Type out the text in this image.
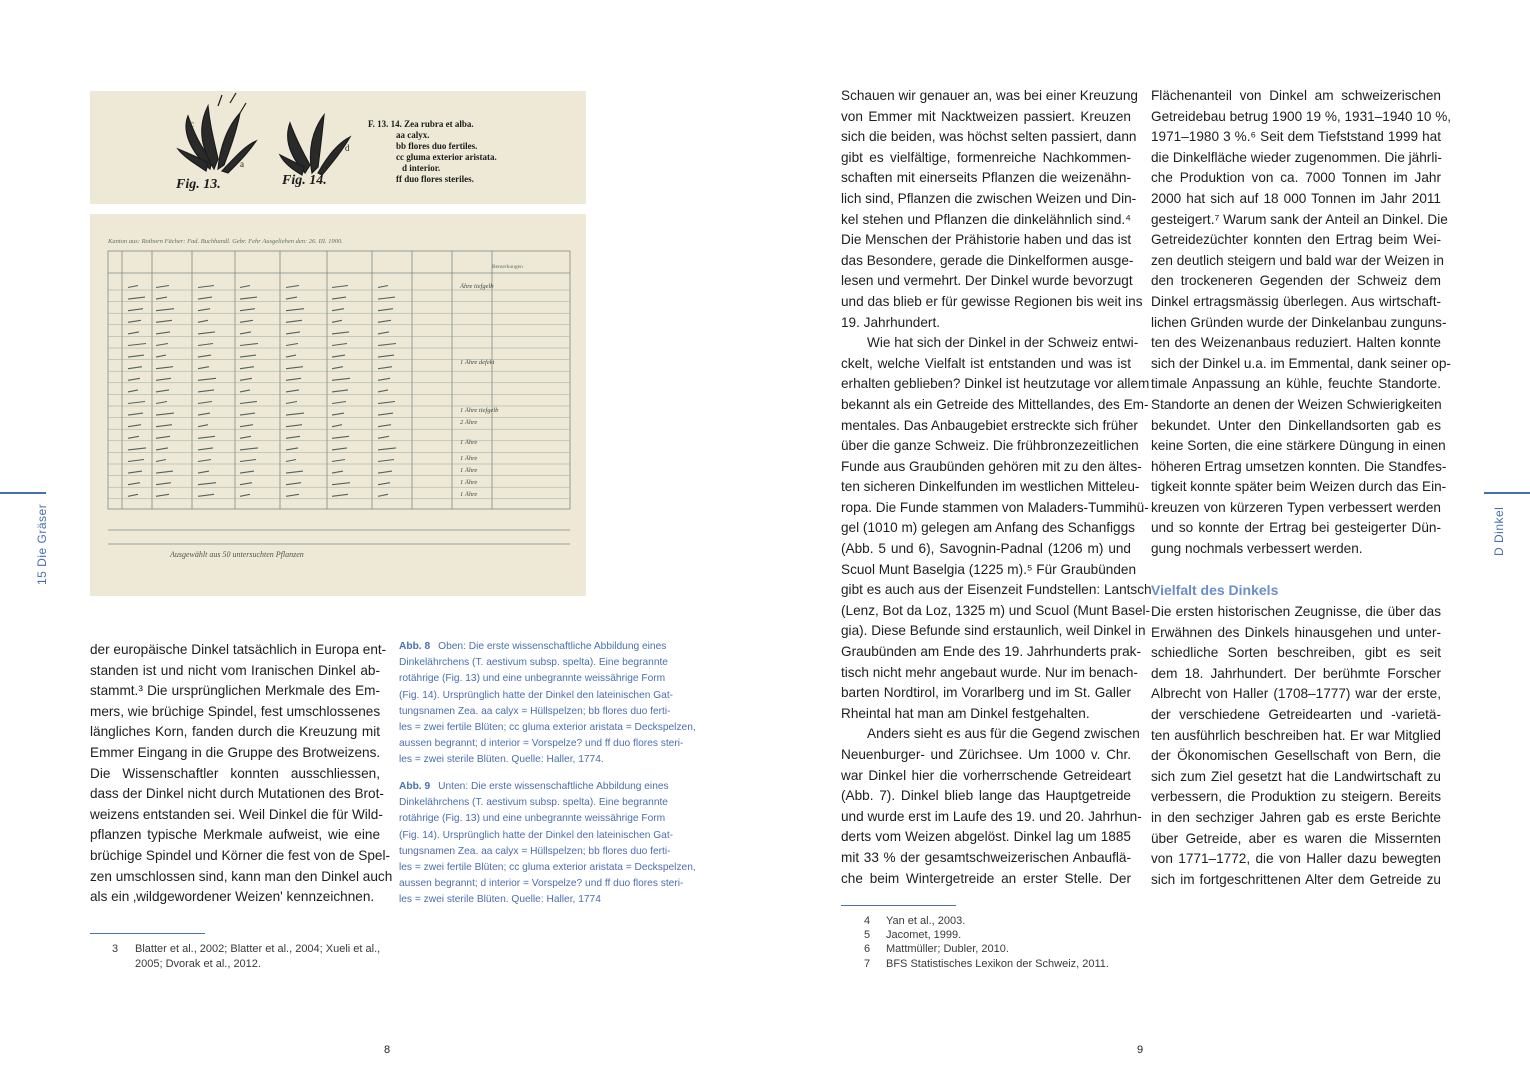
15 Die Gräser	D Dinkel
a
c
d
Fig. 13.	Fig. 14.
F. 13. 14. Zea rubra et alba.
aa calyx.
bb flores duo fertiles.
cc gluma exterior aristata.
d interior.
ff duo flores steriles.
Kanton aus: Rothorn Fächer: Fad. Buchhandl. Gebr. Fehr Ausgeliehen den: 26. III. 1900.
Bemerkungen
Ähre tiefgelb
1 Ähre defekt
1 Ähre tiefgelb
2 Ähre
1 Ähre
1 Ähre
1 Ähre
1 Ähre
1 Ähre
Ausgewählt aus 50 untersuchten Pflanzen
der europäische Dinkel tatsächlich in Europa ent-
standen ist und nicht vom Iranischen Dinkel ab-
stammt.³ Die ursprünglichen Merkmale des Em-
mers, wie brüchige Spindel, fest umschlossenes
längliches Korn, fanden durch die Kreuzung mit
Emmer Eingang in die Gruppe des Brotweizens.
Die Wissenschaftler konnten ausschliessen,
dass der Dinkel nicht durch Mutationen des Brot-
weizens entstanden sei. Weil Dinkel die für Wild-
pflanzen typische Merkmale aufweist, wie eine
brüchige Spindel und Körner die fest von de Spel-
zen umschlossen sind, kann man den Dinkel auch
als ein ‚wildgewordener Weizen' kennzeichnen.
3 Blatter et al., 2002; Blatter et al., 2004; Xueli et al.,
2005; Dvorak et al., 2012.
Abb. 8 Oben: Die erste wissenschaftliche Abbildung eines
Dinkelährchens (T. aestivum subsp. spelta). Eine begrannte
rotährige (Fig. 13) und eine unbegrannte weissährige Form
(Fig. 14). Ursprünglich hatte der Dinkel den lateinischen Gat-
tungsnamen Zea. aa calyx = Hüllspelzen; bb flores duo ferti-
les = zwei fertile Blüten; cc gluma exterior aristata = Deckspelzen,
aussen begrannt; d interior = Vorspelze? und ff duo flores steri-
les = zwei sterile Blüten. Quelle: Haller, 1774.
Abb. 9 Unten: Die erste wissenschaftliche Abbildung eines
Dinkelährchens (T. aestivum subsp. spelta). Eine begrannte
rotährige (Fig. 13) und eine unbegrannte weissährige Form
(Fig. 14). Ursprünglich hatte der Dinkel den lateinischen Gat-
tungsnamen Zea. aa calyx = Hüllspelzen; bb flores duo ferti-
les = zwei fertile Blüten; cc gluma exterior aristata = Deckspelzen,
aussen begrannt; d interior = Vorspelze? und ff duo flores steri-
les = zwei sterile Blüten. Quelle: Haller, 1774
Schauen wir genauer an, was bei einer Kreuzung
von Emmer mit Nacktweizen passiert. Kreuzen
sich die beiden, was höchst selten passiert, dann
gibt es vielfältige, formenreiche Nachkommen-
schaften mit einerseits Pflanzen die weizenähn-
lich sind, Pflanzen die zwischen Weizen und Din-
kel stehen und Pflanzen die dinkelähnlich sind.⁴
Die Menschen der Prähistorie haben und das ist
das Besondere, gerade die Dinkelformen ausge-
lesen und vermehrt. Der Dinkel wurde bevorzugt
und das blieb er für gewisse Regionen bis weit ins
19. Jahrhundert.
Wie hat sich der Dinkel in der Schweiz entwi-
ckelt, welche Vielfalt ist entstanden und was ist
erhalten geblieben? Dinkel ist heutzutage vor allem
bekannt als ein Getreide des Mittellandes, des Em-
mentales. Das Anbaugebiet erstreckte sich früher
über die ganze Schweiz. Die frühbronzezeitlichen
Funde aus Graubünden gehören mit zu den ältes-
ten sicheren Dinkelfunden im westlichen Mitteleu-
ropa. Die Funde stammen von Maladers-Tummihü-
gel (1010 m) gelegen am Anfang des Schanfiggs
(Abb. 5 und 6), Savognin-Padnal (1206 m) und
Scuol Munt Baselgia (1225 m).⁵ Für Graubünden
gibt es auch aus der Eisenzeit Fundstellen: Lantsch
(Lenz, Bot da Loz, 1325 m) und Scuol (Munt Basel-
gia). Diese Befunde sind erstaunlich, weil Dinkel in
Graubünden am Ende des 19. Jahrhunderts prak-
tisch nicht mehr angebaut wurde. Nur im benach-
barten Nordtirol, im Vorarlberg und im St. Galler
Rheintal hat man am Dinkel festgehalten.
Anders sieht es aus für die Gegend zwischen
Neuenburger- und Zürichsee. Um 1000 v. Chr.
war Dinkel hier die vorherrschende Getreideart
(Abb. 7). Dinkel blieb lange das Hauptgetreide
und wurde erst im Laufe des 19. und 20. Jahrhun-
derts vom Weizen abgelöst. Dinkel lag um 1885
mit 33 % der gesamtschweizerischen Anbauflä-
che beim Wintergetreide an erster Stelle. Der
4 Yan et al., 2003.
5 Jacomet, 1999.
6 Mattmüller; Dubler, 2010.
7 BFS Statistisches Lexikon der Schweiz, 2011.
Flächenanteil von Dinkel am schweizerischen
Getreidebau betrug 1900 19 %, 1931–1940 10 %,
1971–1980 3 %.⁶ Seit dem Tiefststand 1999 hat
die Dinkelfläche wieder zugenommen. Die jährli-
che Produktion von ca. 7000 Tonnen im Jahr
2000 hat sich auf 18 000 Tonnen im Jahr 2011
gesteigert.⁷ Warum sank der Anteil an Dinkel. Die
Getreidezüchter konnten den Ertrag beim Wei-
zen deutlich steigern und bald war der Weizen in
den trockeneren Gegenden der Schweiz dem
Dinkel ertragsmässig überlegen. Aus wirtschaft-
lichen Gründen wurde der Dinkelanbau zunguns-
ten des Weizenanbaus reduziert. Halten konnte
sich der Dinkel u.a. im Emmental, dank seiner op-
timale Anpassung an kühle, feuchte Standorte.
Standorte an denen der Weizen Schwierigkeiten
bekundet. Unter den Dinkellandsorten gab es
keine Sorten, die eine stärkere Düngung in einen
höheren Ertrag umsetzen konnten. Die Standfes-
tigkeit konnte später beim Weizen durch das Ein-
kreuzen von kürzeren Typen verbessert werden
und so konnte der Ertrag bei gesteigerter Dün-
gung nochmals verbessert werden.
Vielfalt des Dinkels
Die ersten historischen Zeugnisse, die über das
Erwähnen des Dinkels hinausgehen und unter-
schiedliche Sorten beschreiben, gibt es seit
dem 18. Jahrhundert. Der berühmte Forscher
Albrecht von Haller (1708–1777) war der erste,
der verschiedene Getreidearten und -varietä-
ten ausführlich beschreiben hat. Er war Mitglied
der Ökonomischen Gesellschaft von Bern, die
sich zum Ziel gesetzt hat die Landwirtschaft zu
verbessern, die Produktion zu steigern. Bereits
in den sechziger Jahren gab es erste Berichte
über Getreide, aber es waren die Missernten
von 1771–1772, die von Haller dazu bewegten
sich im fortgeschrittenen Alter dem Getreide zu
8	9
